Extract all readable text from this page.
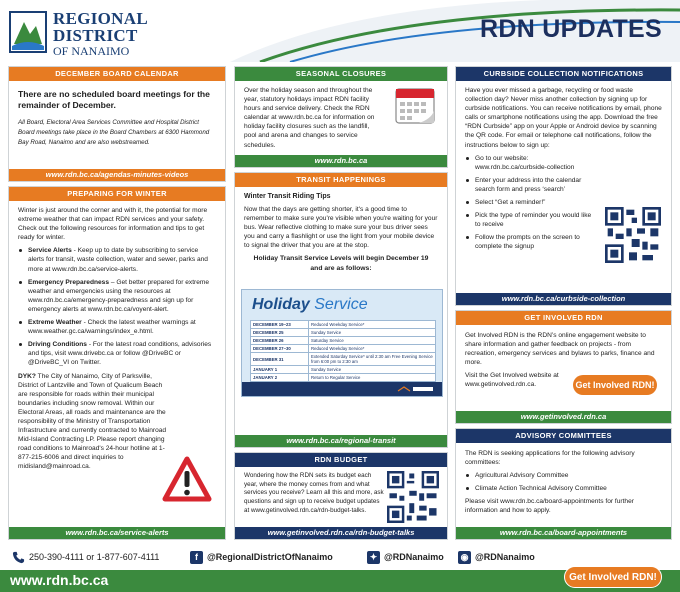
REGIONAL
DISTRICT
OF NANAIMO
RDN UPDATES
DECEMBER BOARD CALENDAR

There are no scheduled board meetings for the remainder of December.

All Board, Electoral Area Services Committee and Hospital District Board meetings take place in the Board Chambers at 6300 Hammond Bay Road, Nanaimo and are also webstreamed.

www.rdn.bc.ca/agendas-minutes-videos
PREPARING FOR WINTER

Winter is just around the corner and with it, the potential for more extreme weather that can impact RDN services and your safety. Check out the following resources for information and tips to get ready for winter.

Service Alerts - Keep up to date by subscribing to service alerts for transit, waste collection, water and sewer, parks and more at www.rdn.bc.ca/service-alerts.
Emergency Preparedness – Get better prepared for extreme weather and emergencies using the resources at www.rdn.bc.ca/emergency-preparedness and sign up for emergency alerts at www.rdn.bc.ca/voyent-alert.
Extreme Weather - Check the latest weather warnings at www.weather.gc.ca/warnings/index_e.html.
Driving Conditions - For the latest road conditions, advisories and tips, visit www.drivebc.ca or follow @DriveBC or @DriveBC_VI on Twitter.

DYK? The City of Nanaimo, City of Parksville, District of Lantzville and Town of Qualicum Beach are responsible for roads within their municipal boundaries including snow removal. Within our Electoral Areas, all roads and maintenance are the responsibility of the Ministry of Transportation Infrastructure and currently contracted to Mainroad Mid-Island Contracting LP. Please report changing road conditions to Mainroad's 24-hour hotline at 1-877-215-6006 and direct inquiries to midisland@mainroad.ca.

www.rdn.bc.ca/service-alerts
SEASONAL CLOSURES

Over the holiday season and throughout the year, statutory holidays impact RDN facility hours and service delivery. Check the RDN calendar at www.rdn.bc.ca for information on holiday facility closures such as the landfill, pool and arena and changes to service schedules.

www.rdn.bc.ca
TRANSIT HAPPENINGS

Winter Transit Riding Tips

Now that the days are getting shorter, it's a good time to remember to make sure you're visible when you're waiting for your bus. Wear reflective clothing to make sure your bus driver sees you and carry a flashlight or use the light from your mobile device to signal the driver that you are at the stop.

Holiday Transit Service Levels will begin December 19 and are as follows:

Holiday Service
DECEMBER 19–23	Reduced Weekday Service*
DECEMBER 25	Sunday Service
DECEMBER 26	Saturday Service
DECEMBER 27–30	Reduced Weekday Service*
DECEMBER 31	Extended Saturday Service* until 2:30 am Free Evening Service from 6:00 pm to 2:30 am
JANUARY 1	Sunday Service
JANUARY 2	Return to Regular Service
www.rdn.bc.ca/regional-transit
RDN BUDGET

Wondering how the RDN sets its budget each year, where the money comes from and what services you receive? Learn all this and more, ask questions and sign up to receive budget updates at www.getinvolved.rdn.ca/rdn-budget-talks.

www.getinvolved.rdn.ca/rdn-budget-talks
CURBSIDE COLLECTION NOTIFICATIONS

Have you ever missed a garbage, recycling or food waste collection day? Never miss another collection by signing up for curbside notifications. You can receive notifications by email, phone calls or smartphone notifications using the app. Download the free “RDN Curbside” app on your Apple or Android device by scanning the QR code. For email or telephone call notifications, follow the instructions below to sign up:

Go to our website: www.rdn.bc.ca/curbside-collection
Enter your address into the calendar search form and press ‘search’
Select “Get a reminder!”
Pick the type of reminder you would like to receive
Follow the prompts on the screen to complete the signup
www.rdn.bc.ca/curbside-collection
GET INVOLVED RDN

Get Involved RDN is the RDN’s online engagement website to share information and gather feedback on projects - from recreation, emergency services and bylaws to parks, finance and more.

Visit the Get Involved website at www.getinvolved.rdn.ca.	Get Involved RDN!
www.getinvolved.rdn.ca
ADVISORY COMMITTEES

The RDN is seeking applications for the following advisory committees:

Agricultural Advisory Committee
Climate Action Technical Advisory Committee

Please visit www.rdn.bc.ca/board-appointments for further information and how to apply.

www.rdn.bc.ca/board-appointments
250-390-4111 or 1-877-607-4111	f	@RegionalDistrictOfNanaimo	✦ @RDNanaimo ◉ @RDNanaimo
www.rdn.bc.ca	Get Involved RDN!
